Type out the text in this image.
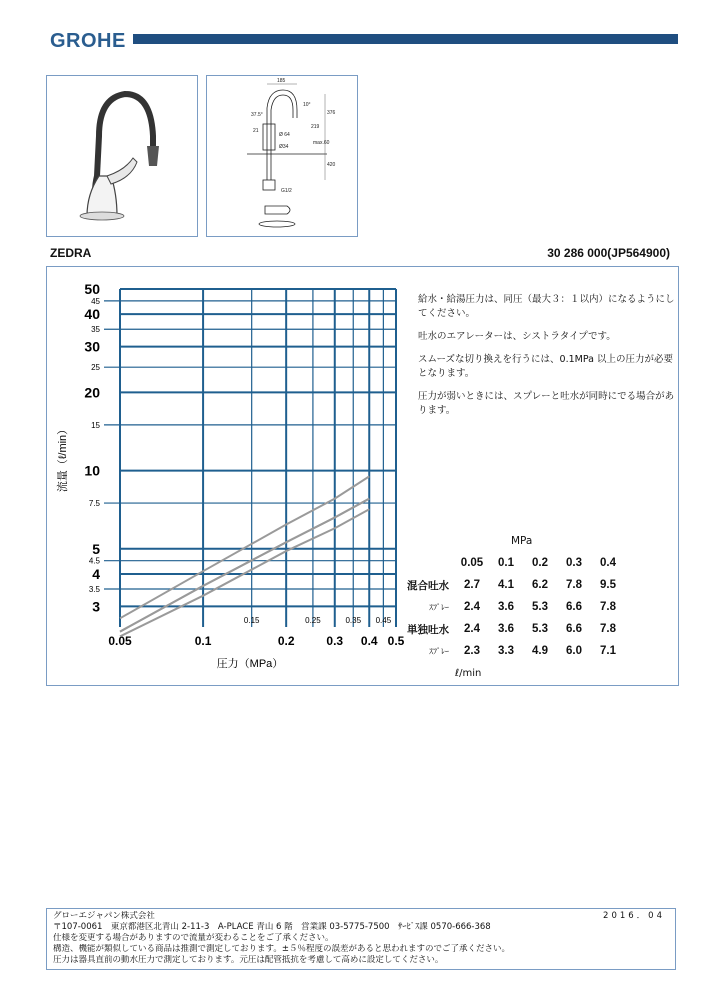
GROHE
185
10°
376
219
max.60
420
Ø 64
Ø34
G1/2
37.5°
21
ZEDRA	30 286 000(JP564900)
0.05	0.1	0.2	0.3 0.4 0.5
0.15	0.25	0.35 0.45
3
4
5
10
20
30
40
50
3.5
4.5
7.5
15
25
35
45
圧力（MPa）
流量（ℓ/min）

給水・給湯圧力は、同圧（最大３：１以内）になるようにしてください。

吐水のエアレーターは、シストラタイプです。

スムーズな切り換えを行うには、0.1MPa 以上の圧力が必要となります。

圧力が弱いときには、スプレーと吐水が同時にでる場合があります。

	MPa				
	0.05	0.1	0.2	0.3	0.4
混合吐水	2.7	4.1	6.2	7.8	9.5
ｽﾌﾟﾚｰ	2.4	3.6	5.3	6.6	7.8
単独吐水	2.4	3.6	5.3	6.6	7.8
ｽﾌﾟﾚｰ	2.3	3.3	4.9	6.0	7.1
	ℓ/min				
2016．04
グローエジャパン株式会社
〒107-0061　東京都港区北青山 2-11-3　A-PLACE 青山 6 階　営業課 03-5775-7500　ｻｰﾋﾞｽ課 0570-666-368
仕様を変更する場合がありますので流量が変わることをご了承ください。
構造、機能が類似している商品は推測で測定しております。±５％程度の誤差があると思われますのでご了承ください。
圧力は器具直前の動水圧力で測定しております。元圧は配管抵抗を考慮して高めに設定してください。
